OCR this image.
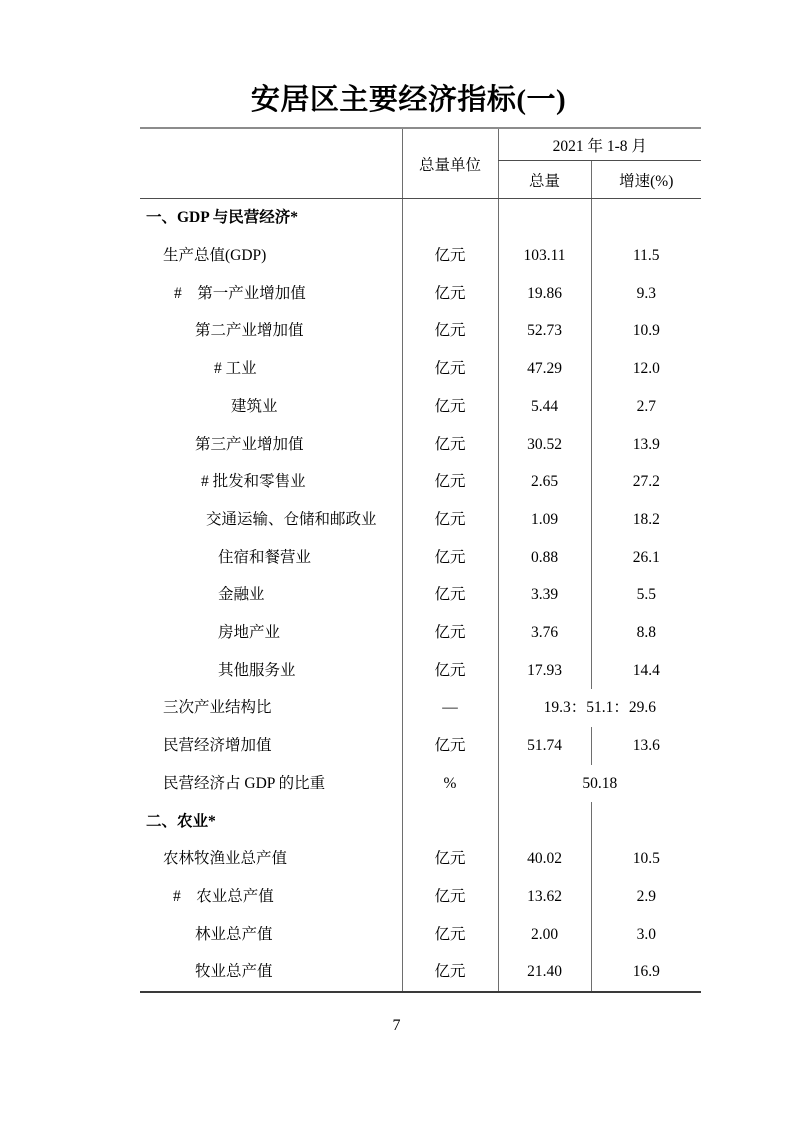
安居区主要经济指标(一)
	总量单位	2021 年 1-8 月	
		总量	增速(%)
一、GDP 与民营经济*			
生产总值(GDP)	亿元	103.11	11.5
#　第一产业增加值	亿元	19.86	9.3
第二产业增加值	亿元	52.73	10.9
# 工业	亿元	47.29	12.0
建筑业	亿元	5.44	2.7
第三产业增加值	亿元	30.52	13.9
# 批发和零售业	亿元	2.65	27.2
交通运输、仓储和邮政业	亿元	1.09	18.2
住宿和餐营业	亿元	0.88	26.1
金融业	亿元	3.39	5.5
房地产业	亿元	3.76	8.8
其他服务业	亿元	17.93	14.4
三次产业结构比	—	19.3：51.1：29.6	
民营经济增加值	亿元	51.74	13.6
民营经济占 GDP 的比重	%	50.18	
二、农业*			
农林牧渔业总产值	亿元	40.02	10.5
#　农业总产值	亿元	13.62	2.9
林业总产值	亿元	2.00	3.0
牧业总产值	亿元	21.40	16.9
7
